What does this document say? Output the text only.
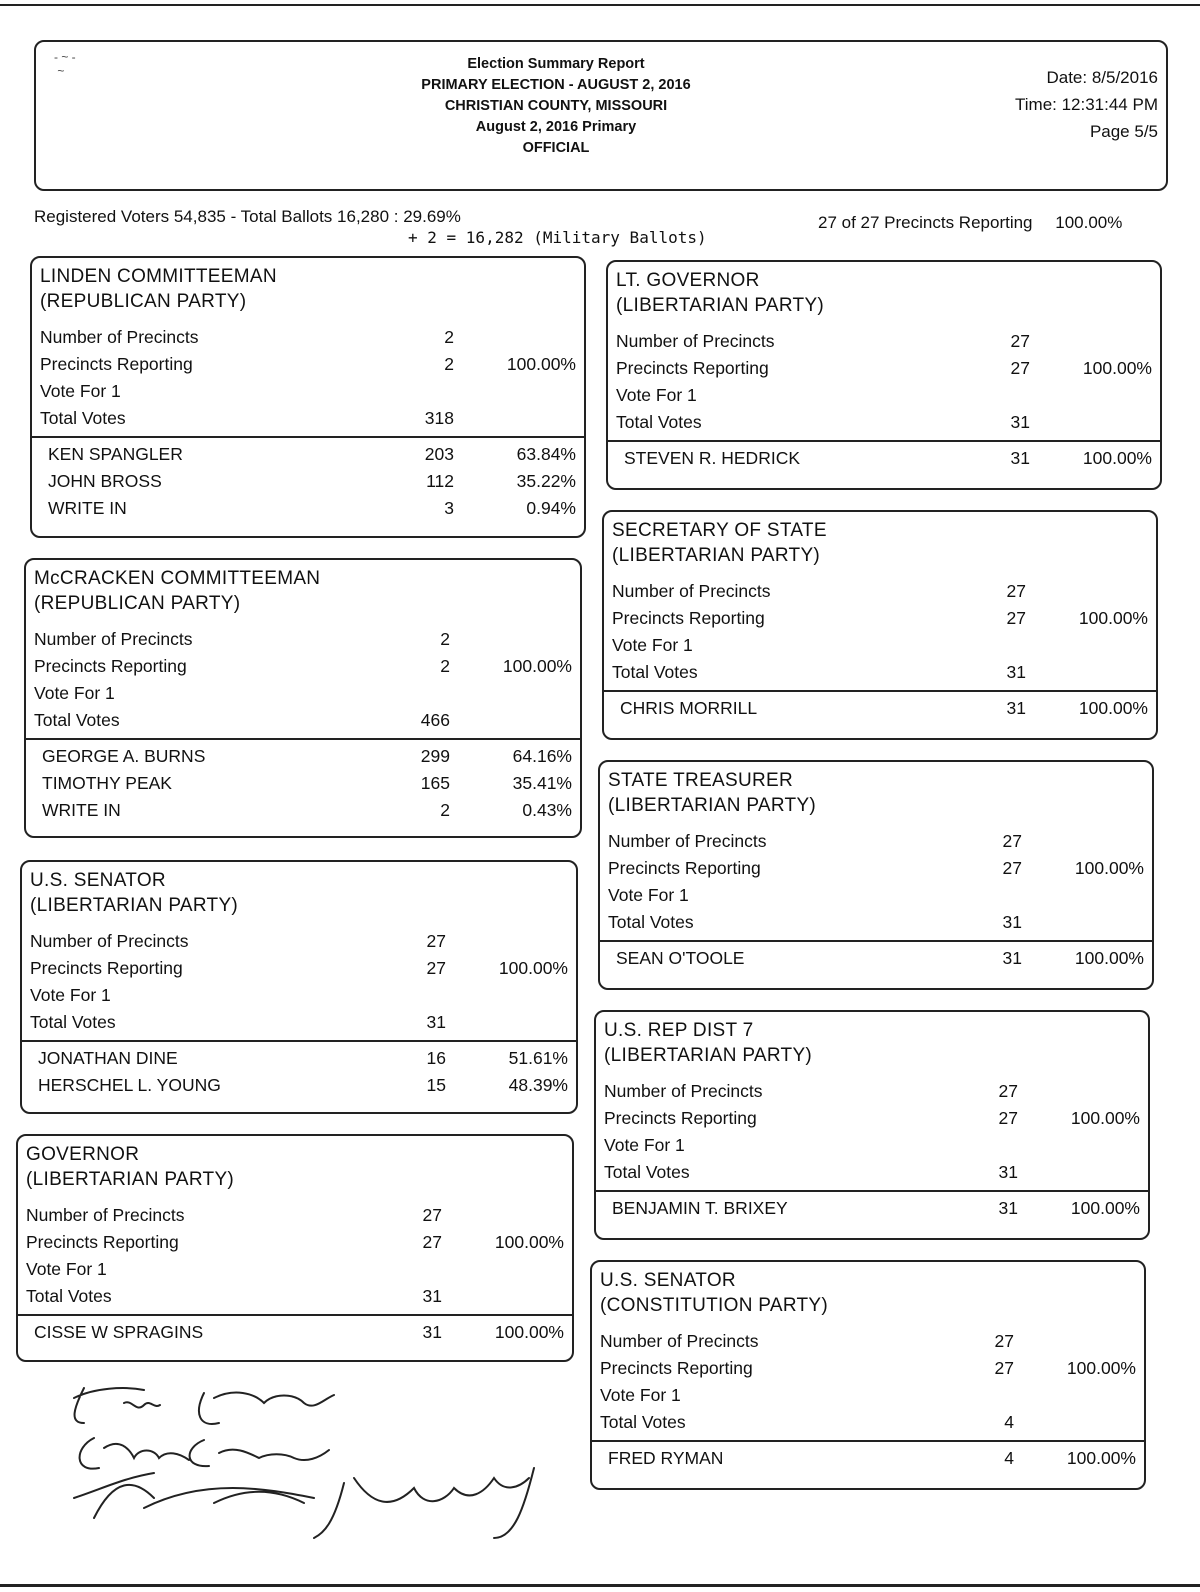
- ~ -
~	Election Summary Report
PRIMARY ELECTION - AUGUST 2, 2016
CHRISTIAN COUNTY, MISSOURI
August 2, 2016 Primary
OFFICIAL
Date: 8/5/2016
Time: 12:31:44 PM
Page 5/5
Registered Voters 54,835 - Total Ballots 16,280 : 29.69%
+ 2 = 16,282 (Military Ballots)
27 of 27 Precincts Reporting 100.00%
LINDEN COMMITTEEMAN
(REPUBLICAN PARTY)
Number of Precincts	2
Precincts Reporting	2	100.00%
Vote For 1
Total Votes	318
KEN SPANGLER	203	63.84%
JOHN BROSS	112	35.22%
WRITE IN	3	0.94%
McCRACKEN COMMITTEEMAN
(REPUBLICAN PARTY)
Number of Precincts	2
Precincts Reporting	2	100.00%
Vote For 1
Total Votes	466
GEORGE A. BURNS	299	64.16%
TIMOTHY PEAK	165	35.41%
WRITE IN	2	0.43%
U.S. SENATOR
(LIBERTARIAN PARTY)
Number of Precincts	27
Precincts Reporting	27	100.00%
Vote For 1
Total Votes	31
JONATHAN DINE	16	51.61%
HERSCHEL L. YOUNG	15	48.39%
GOVERNOR
(LIBERTARIAN PARTY)
Number of Precincts	27
Precincts Reporting	27	100.00%
Vote For 1
Total Votes	31
CISSE W SPRAGINS	31	100.00%
LT. GOVERNOR
(LIBERTARIAN PARTY)
Number of Precincts	27
Precincts Reporting	27	100.00%
Vote For 1
Total Votes	31
STEVEN R. HEDRICK	31	100.00%
SECRETARY OF STATE
(LIBERTARIAN PARTY)
Number of Precincts	27
Precincts Reporting	27	100.00%
Vote For 1
Total Votes	31
CHRIS MORRILL	31	100.00%
STATE TREASURER
(LIBERTARIAN PARTY)
Number of Precincts	27
Precincts Reporting	27	100.00%
Vote For 1
Total Votes	31
SEAN O'TOOLE	31	100.00%
U.S. REP DIST 7
(LIBERTARIAN PARTY)
Number of Precincts	27
Precincts Reporting	27	100.00%
Vote For 1
Total Votes	31
BENJAMIN T. BRIXEY	31	100.00%
U.S. SENATOR
(CONSTITUTION PARTY)
Number of Precincts	27
Precincts Reporting	27	100.00%
Vote For 1
Total Votes	4
FRED RYMAN	4	100.00%
